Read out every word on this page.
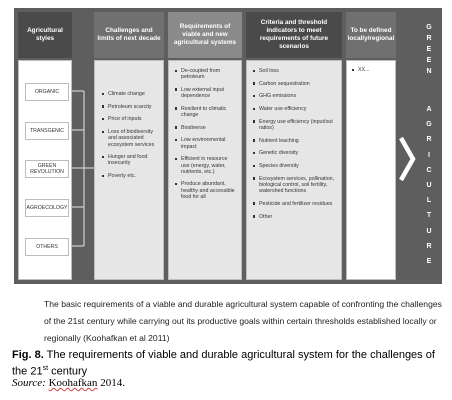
Agricultural styles
Challenges and limits of next decade
Requirements of viable and new agricultural systems
Criteria and threshold indicators to meet requirements of future scenarios
To be defined locally/regional
ORGANIC
TRANSGENIC
GREEN REVOLUTION
AGROECOLOGY
OTHERS
Climate change
Petroleum scarcity
Price of inputs
Loss of biodiversity and associated ecosystem services
Hunger and food insecurity
Poverty etc.
De-coupled from petroleum
Low external input dependence
Resilient to climatic change
Biodiverse
Low environmental impact
Efficient in resource use (energy, water, nutrients, etc.)
Produce abundant, healthy and accessible food for all
Soil loss
Carbon sequestration
GHG emissions
Water use efficiency
Energy use efficiency (input/out ratios)
Nutrient leaching
Genetic diversity
Species diversity
Ecosystem services, pollination, biological control, soil fertility, watershed functions
Pesticide and fertilizer residues
Other
XX...
G
R
E
E
N
A
G
R
I
C
U
L
T
U
R
E
The basic requirements of a viable and durable agricultural system capable of confronting the challenges of the 21st century while carrying out its productive goals within certain thresholds established locally or regionally (Koohafkan et al 2011)
Fig. 8. The requirements of viable and durable agricultural system for the challenges of the 21st century
Source: Koohafkan 2014.
